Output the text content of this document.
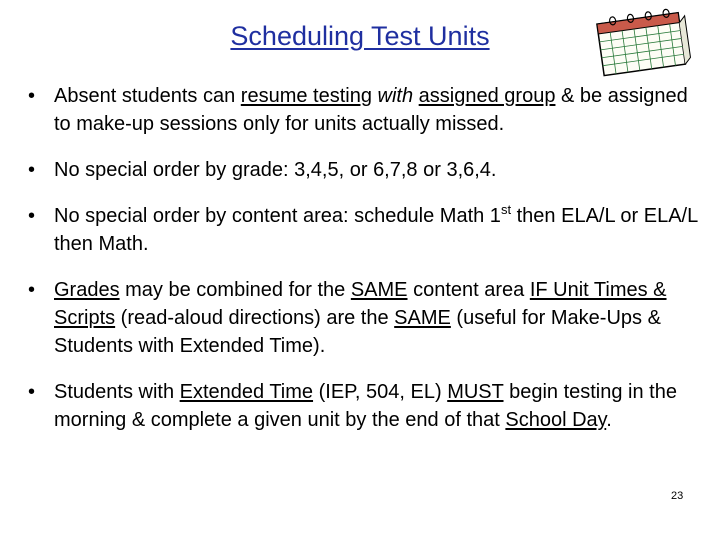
Scheduling Test Units
• Absent students can resume testing with assigned group & be assigned to make-up sessions only for units actually missed.
• No special order by grade: 3,4,5, or 6,7,8 or 3,6,4.
• No special order by content area: schedule Math 1st then ELA/L or ELA/L then Math.
• Grades may be combined for the SAME content area IF Unit Times & Scripts (read-aloud directions) are the SAME (useful for Make-Ups & Students with Extended Time).
• Students with Extended Time (IEP, 504, EL) MUST begin testing in the morning & complete a given unit by the end of that School Day.
23
